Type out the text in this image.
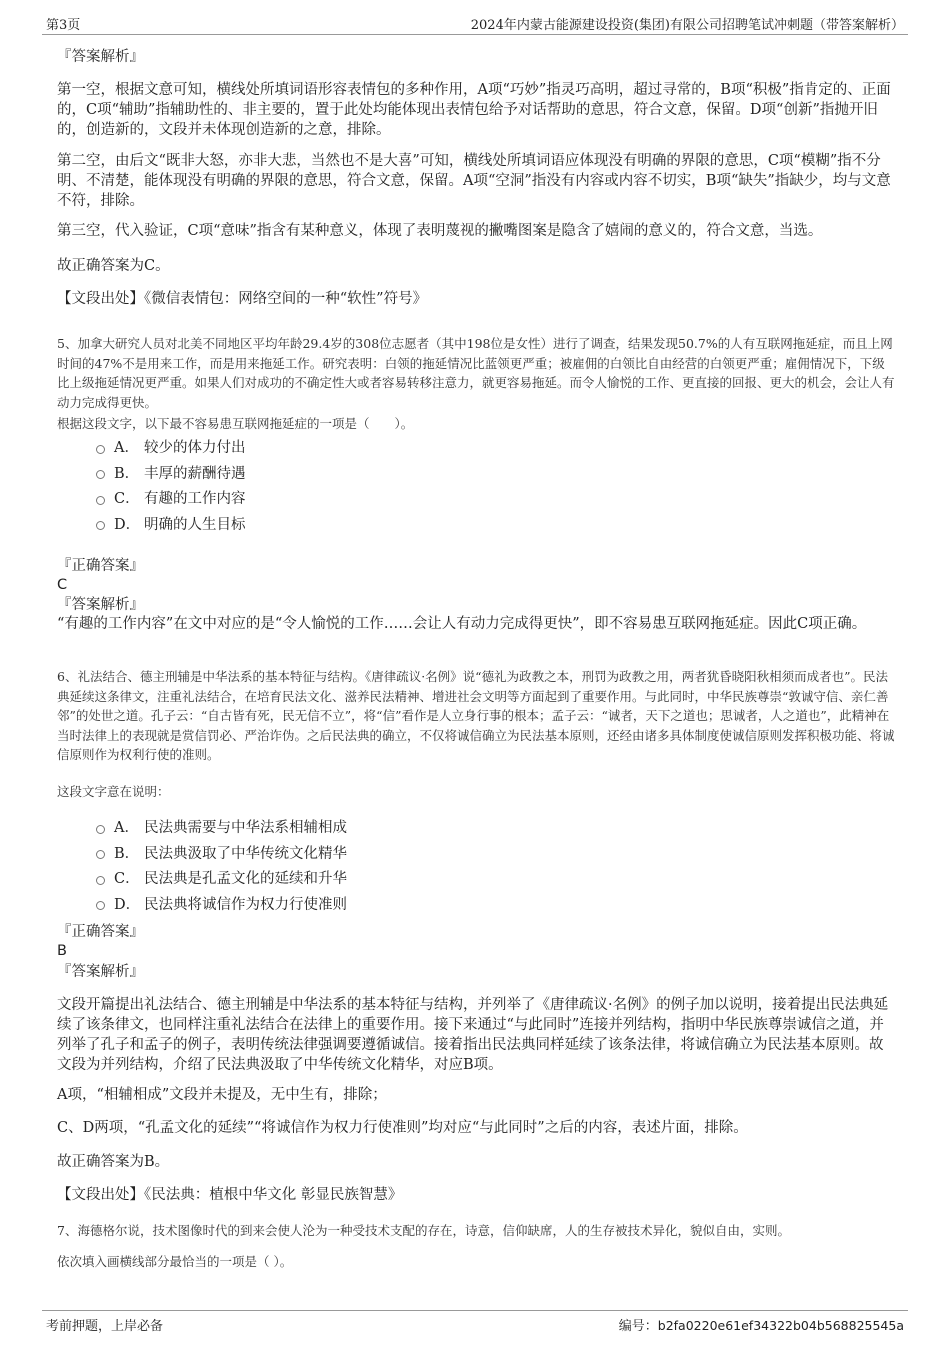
第3页	2024年内蒙古能源建设投资(集团)有限公司招聘笔试冲刺题（带答案解析）
『答案解析』

第一空，根据文意可知，横线处所填词语形容表情包的多种作用，A项“巧妙”指灵巧高明，超过寻常的，B项“积极”指肯定的、正面的，C项“辅助”指辅助性的、非主要的，置于此处均能体现出表情包给予对话帮助的意思，符合文意，保留。D项“创新”指抛开旧的，创造新的，文段并未体现创造新的之意，排除。

第二空，由后文“既非大怒，亦非大悲，当然也不是大喜”可知，横线处所填词语应体现没有明确的界限的意思，C项“模糊”指不分明、不清楚，能体现没有明确的界限的意思，符合文意，保留。A项“空洞”指没有内容或内容不切实，B项“缺失”指缺少，均与文意不符，排除。

第三空，代入验证，C项“意味”指含有某种意义，体现了表明蔑视的撇嘴图案是隐含了嬉闹的意义的，符合文意，当选。
故正确答案为C。
【文段出处】《微信表情包：网络空间的一种“软性”符号》
5、加拿大研究人员对北美不同地区平均年龄29.4岁的308位志愿者（其中198位是女性）进行了调查，结果发现50.7%的人有互联网拖延症，而且上网时间的47%不是用来工作，而是用来拖延工作。研究表明：白领的拖延情况比蓝领更严重；被雇佣的白领比自由经营的白领更严重；雇佣情况下，下级比上级拖延情况更严重。如果人们对成功的不确定性大或者容易转移注意力，就更容易拖延。而令人愉悦的工作、更直接的回报、更大的机会，会让人有动力完成得更快。
根据这段文字，以下最不容易患互联网拖延症的一项是（　　）。
A． 较少的体力付出
B． 丰厚的薪酬待遇
C． 有趣的工作内容
D． 明确的人生目标
『正确答案』
C
『答案解析』
“有趣的工作内容”在文中对应的是“令人愉悦的工作……会让人有动力完成得更快”，即不容易患互联网拖延症。因此C项正确。
6、礼法结合、德主刑辅是中华法系的基本特征与结构。《唐律疏议·名例》说“德礼为政教之本，刑罚为政教之用，两者犹昏晓阳秋相须而成者也”。民法典延续这条律文，注重礼法结合，在培育民法文化、滋养民法精神、增进社会文明等方面起到了重要作用。与此同时，中华民族尊崇“敦诚守信、亲仁善邻”的处世之道。孔子云：“自古皆有死，民无信不立”，将“信”看作是人立身行事的根本；孟子云：“诚者，天下之道也；思诚者，人之道也”，此精神在当时法律上的表现就是赏信罚必、严治诈伪。之后民法典的确立，不仅将诚信确立为民法基本原则，还经由诸多具体制度使诚信原则发挥积极功能、将诚信原则作为权利行使的准则。
这段文字意在说明：
A． 民法典需要与中华法系相辅相成
B． 民法典汲取了中华传统文化精华
C． 民法典是孔孟文化的延续和升华
D． 民法典将诚信作为权力行使准则
『正确答案』
B
『答案解析』
文段开篇提出礼法结合、德主刑辅是中华法系的基本特征与结构，并列举了《唐律疏议·名例》的例子加以说明，接着提出民法典延续了该条律文，也同样注重礼法结合在法律上的重要作用。接下来通过“与此同时”连接并列结构，指明中华民族尊崇诚信之道，并列举了孔子和孟子的例子，表明传统法律强调要遵循诚信。接着指出民法典同样延续了该条法律，将诚信确立为民法基本原则。故文段为并列结构，介绍了民法典汲取了中华传统文化精华，对应B项。
A项，“相辅相成”文段并未提及，无中生有，排除；
C、D两项，“孔孟文化的延续”“将诚信作为权力行使准则”均对应“与此同时”之后的内容，表述片面，排除。
故正确答案为B。
【文段出处】《民法典：植根中华文化 彰显民族智慧》
7、海德格尔说，技术图像时代的到来会使人沦为一种受技术支配的存在，诗意，信仰缺席，人的生存被技术异化，貌似自由，实则。
依次填入画横线部分最恰当的一项是（ ）。
考前押题，上岸必备	编号：b2fa0220e61ef34322b04b568825545a
